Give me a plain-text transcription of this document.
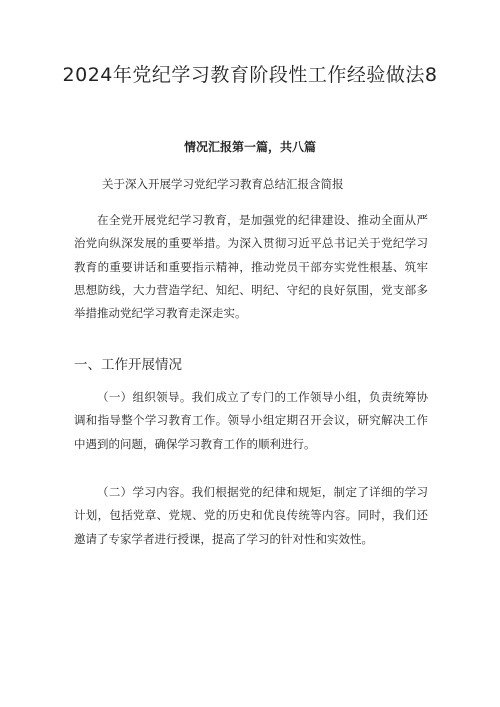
2024年党纪学习教育阶段性工作经验做法8

情况汇报第一篇，共八篇

关于深入开展学习党纪学习教育总结汇报含简报

在全党开展党纪学习教育，是加强党的纪律建设、推动全面从严治党向纵深发展的重要举措。为深入贯彻习近平总书记关于党纪学习教育的重要讲话和重要指示精神，推动党员干部夯实党性根基、筑牢思想防线，大力营造学纪、知纪、明纪、守纪的良好氛围，党支部多举措推动党纪学习教育走深走实。

一、工作开展情况

（一）组织领导。我们成立了专门的工作领导小组，负责统筹协调和指导整个学习教育工作。领导小组定期召开会议，研究解决工作中遇到的问题，确保学习教育工作的顺利进行。

（二）学习内容。我们根据党的纪律和规矩，制定了详细的学习计划，包括党章、党规、党的历史和优良传统等内容。同时，我们还邀请了专家学者进行授课，提高了学习的针对性和实效性。
